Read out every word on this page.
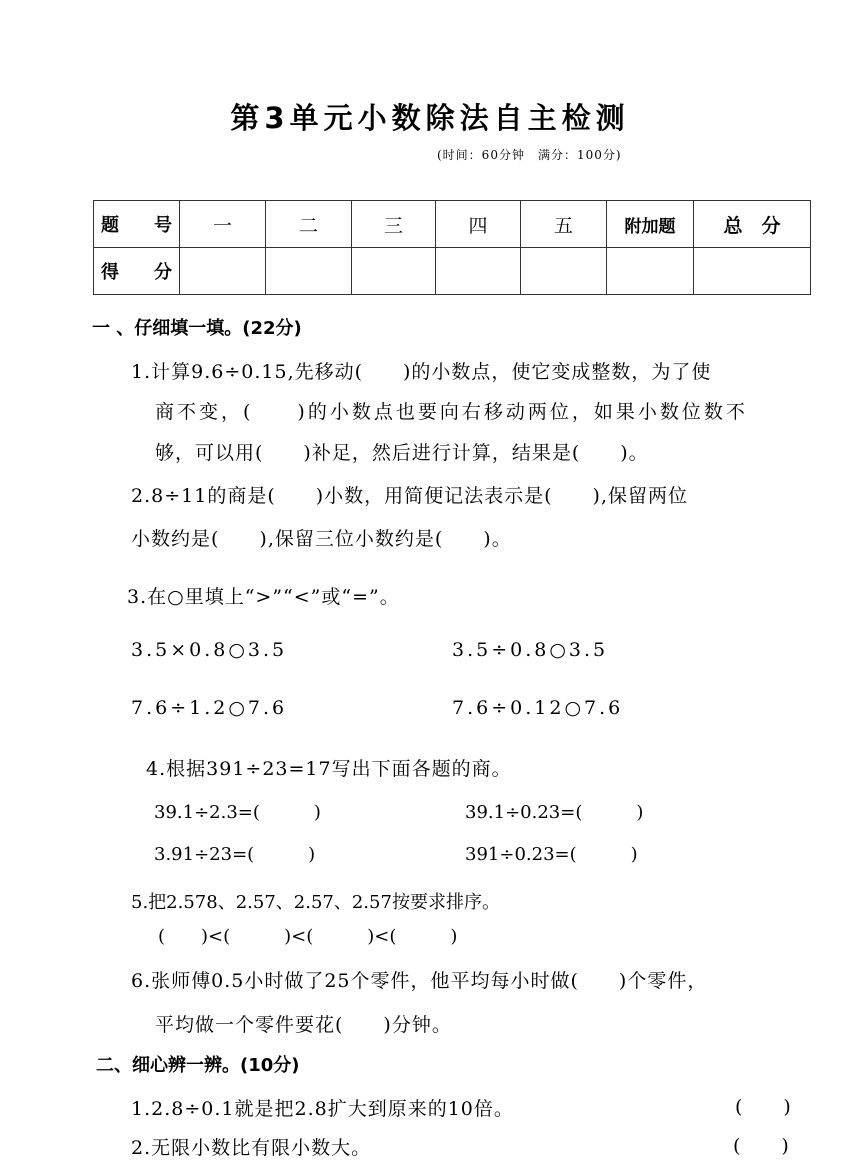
第3单元小数除法自主检测
(时间：60分钟　满分：100分)
题　号	一	二	三	四	五	附加题	总　分
得　分							
一 、仔细填一填。(22分)
1.计算9.6÷0.15,先移动(　　)的小数点，使它变成整数，为了使
商不变，(　　)的小数点也要向右移动两位，如果小数位数不
够，可以用(　　)补足，然后进行计算，结果是(　　)。
2.8÷11的商是(　　)小数，用简便记法表示是(　　),保留两位
小数约是(　　),保留三位小数约是(　　)。
3.在○里填上“>”“<”或“=”。
3.5×0.8○3.5	3.5÷0.8○3.5
7.6÷1.2○7.6	7.6÷0.12○7.6
4.根据391÷23=17写出下面各题的商。
39.1÷2.3=(　　　)	39.1÷0.23=(　　　)
3.91÷23=(　　　)	391÷0.23=(　　　)
5.把2.578、2.57、2.57、2.57按要求排序。
(　　)<(　　　)<(　　　)<(　　　)
6.张师傅0.5小时做了25个零件，他平均每小时做(　　)个零件，
平均做一个零件要花(　　)分钟。
二、细心辨一辨。(10分)
1.2.8÷0.1就是把2.8扩大到原来的10倍。	(　　)
2.无限小数比有限小数大。	(　　)
